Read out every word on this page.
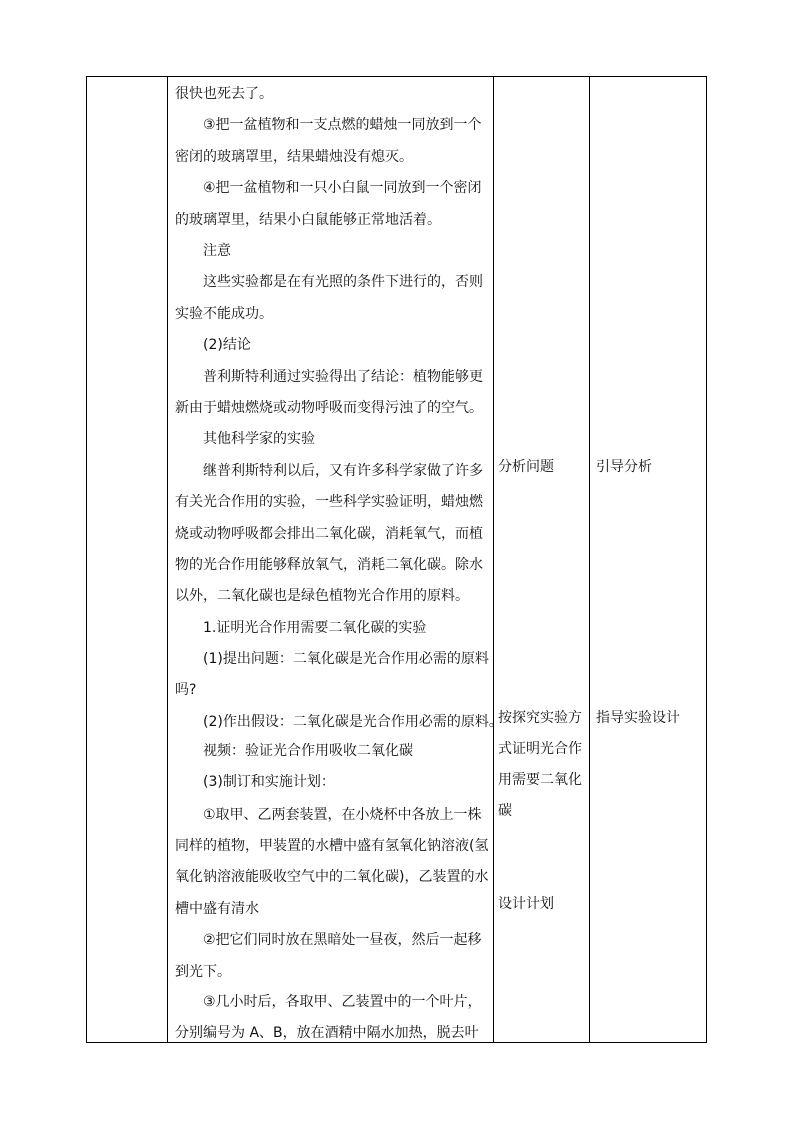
很快也死去了。
③把一盆植物和一支点燃的蜡烛一同放到一个
密闭的玻璃罩里，结果蜡烛没有熄灭。
④把一盆植物和一只小白鼠一同放到一个密闭
的玻璃罩里，结果小白鼠能够正常地活着。
注意
这些实验都是在有光照的条件下进行的，否则
实验不能成功。
(2)结论
普利斯特利通过实验得出了结论：植物能够更
新由于蜡烛燃烧或动物呼吸而变得污浊了的空气。
其他科学家的实验
继普利斯特利以后，又有许多科学家做了许多
有关光合作用的实验，一些科学实验证明，蜡烛燃
烧或动物呼吸都会排出二氧化碳，消耗氧气，而植
物的光合作用能够释放氧气，消耗二氧化碳。除水
以外，二氧化碳也是绿色植物光合作用的原料。
1.证明光合作用需要二氧化碳的实验
(1)提出问题：二氧化碳是光合作用必需的原料
吗?
(2)作出假设：二氧化碳是光合作用必需的原料。
视频：验证光合作用吸收二氧化碳
(3)制订和实施计划：
①取甲、乙两套装置，在小烧杯中各放上一株
同样的植物，甲装置的水槽中盛有氢氧化钠溶液(氢
氧化钠溶液能吸收空气中的二氧化碳)，乙装置的水
槽中盛有清水
②把它们同时放在黑暗处一昼夜，然后一起移
到光下。
③几小时后，各取甲、乙装置中的一个叶片，
分别编号为 A、B，放在酒精中隔水加热，脱去叶
分析问题
按探究实验方
式证明光合作
用需要二氧化
碳
设计计划
引导分析
指导实验设计
